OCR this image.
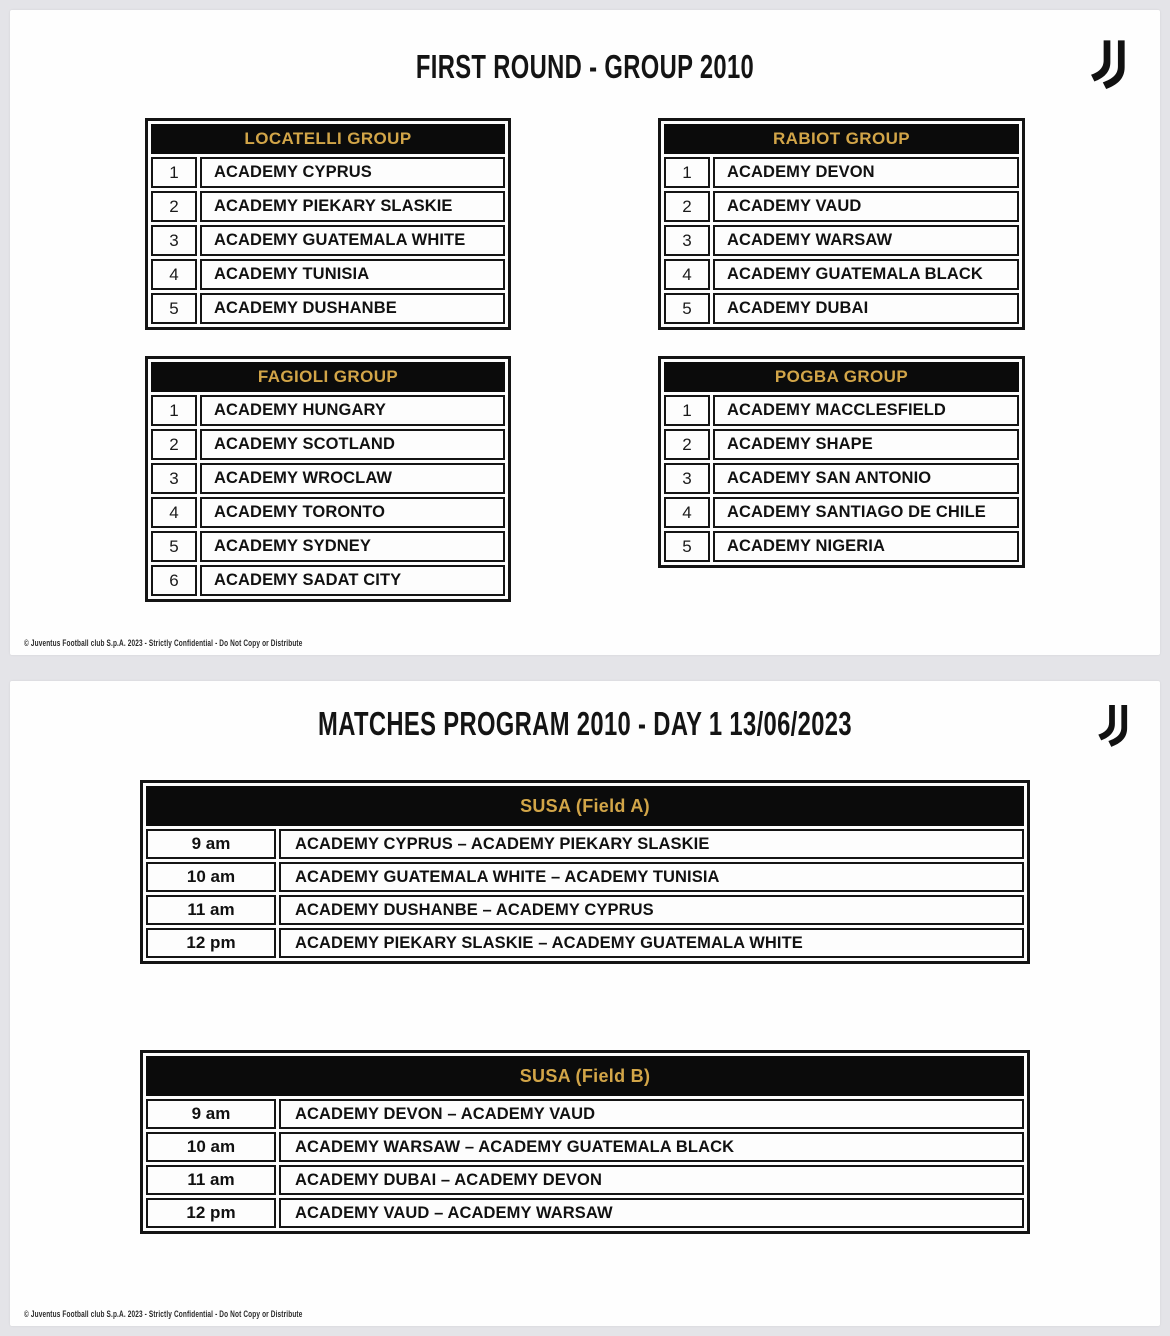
FIRST ROUND - GROUP 2010
LOCATELLI GROUP	
1	ACADEMY CYPRUS
2	ACADEMY PIEKARY SLASKIE
3	ACADEMY GUATEMALA WHITE
4	ACADEMY TUNISIA
5	ACADEMY DUSHANBE
RABIOT GROUP	
1	ACADEMY DEVON
2	ACADEMY VAUD
3	ACADEMY WARSAW
4	ACADEMY GUATEMALA BLACK
5	ACADEMY DUBAI
FAGIOLI GROUP	
1	ACADEMY HUNGARY
2	ACADEMY SCOTLAND
3	ACADEMY WROCLAW
4	ACADEMY TORONTO
5	ACADEMY SYDNEY
6	ACADEMY SADAT CITY
POGBA GROUP	
1	ACADEMY MACCLESFIELD
2	ACADEMY SHAPE
3	ACADEMY SAN ANTONIO
4	ACADEMY SANTIAGO DE CHILE
5	ACADEMY NIGERIA
© Juventus Football club S.p.A. 2023 - Strictly Confidential - Do Not Copy or Distribute
MATCHES PROGRAM 2010 - DAY 1 13/06/2023
SUSA (Field A)	
9 am	ACADEMY CYPRUS – ACADEMY PIEKARY SLASKIE
10 am	ACADEMY GUATEMALA WHITE – ACADEMY TUNISIA
11 am	ACADEMY DUSHANBE – ACADEMY CYPRUS
12 pm	ACADEMY PIEKARY SLASKIE – ACADEMY GUATEMALA WHITE
SUSA (Field B)	
9 am	ACADEMY DEVON – ACADEMY VAUD
10 am	ACADEMY WARSAW – ACADEMY GUATEMALA BLACK
11 am	ACADEMY DUBAI – ACADEMY DEVON
12 pm	ACADEMY VAUD – ACADEMY WARSAW
© Juventus Football club S.p.A. 2023 - Strictly Confidential - Do Not Copy or Distribute
